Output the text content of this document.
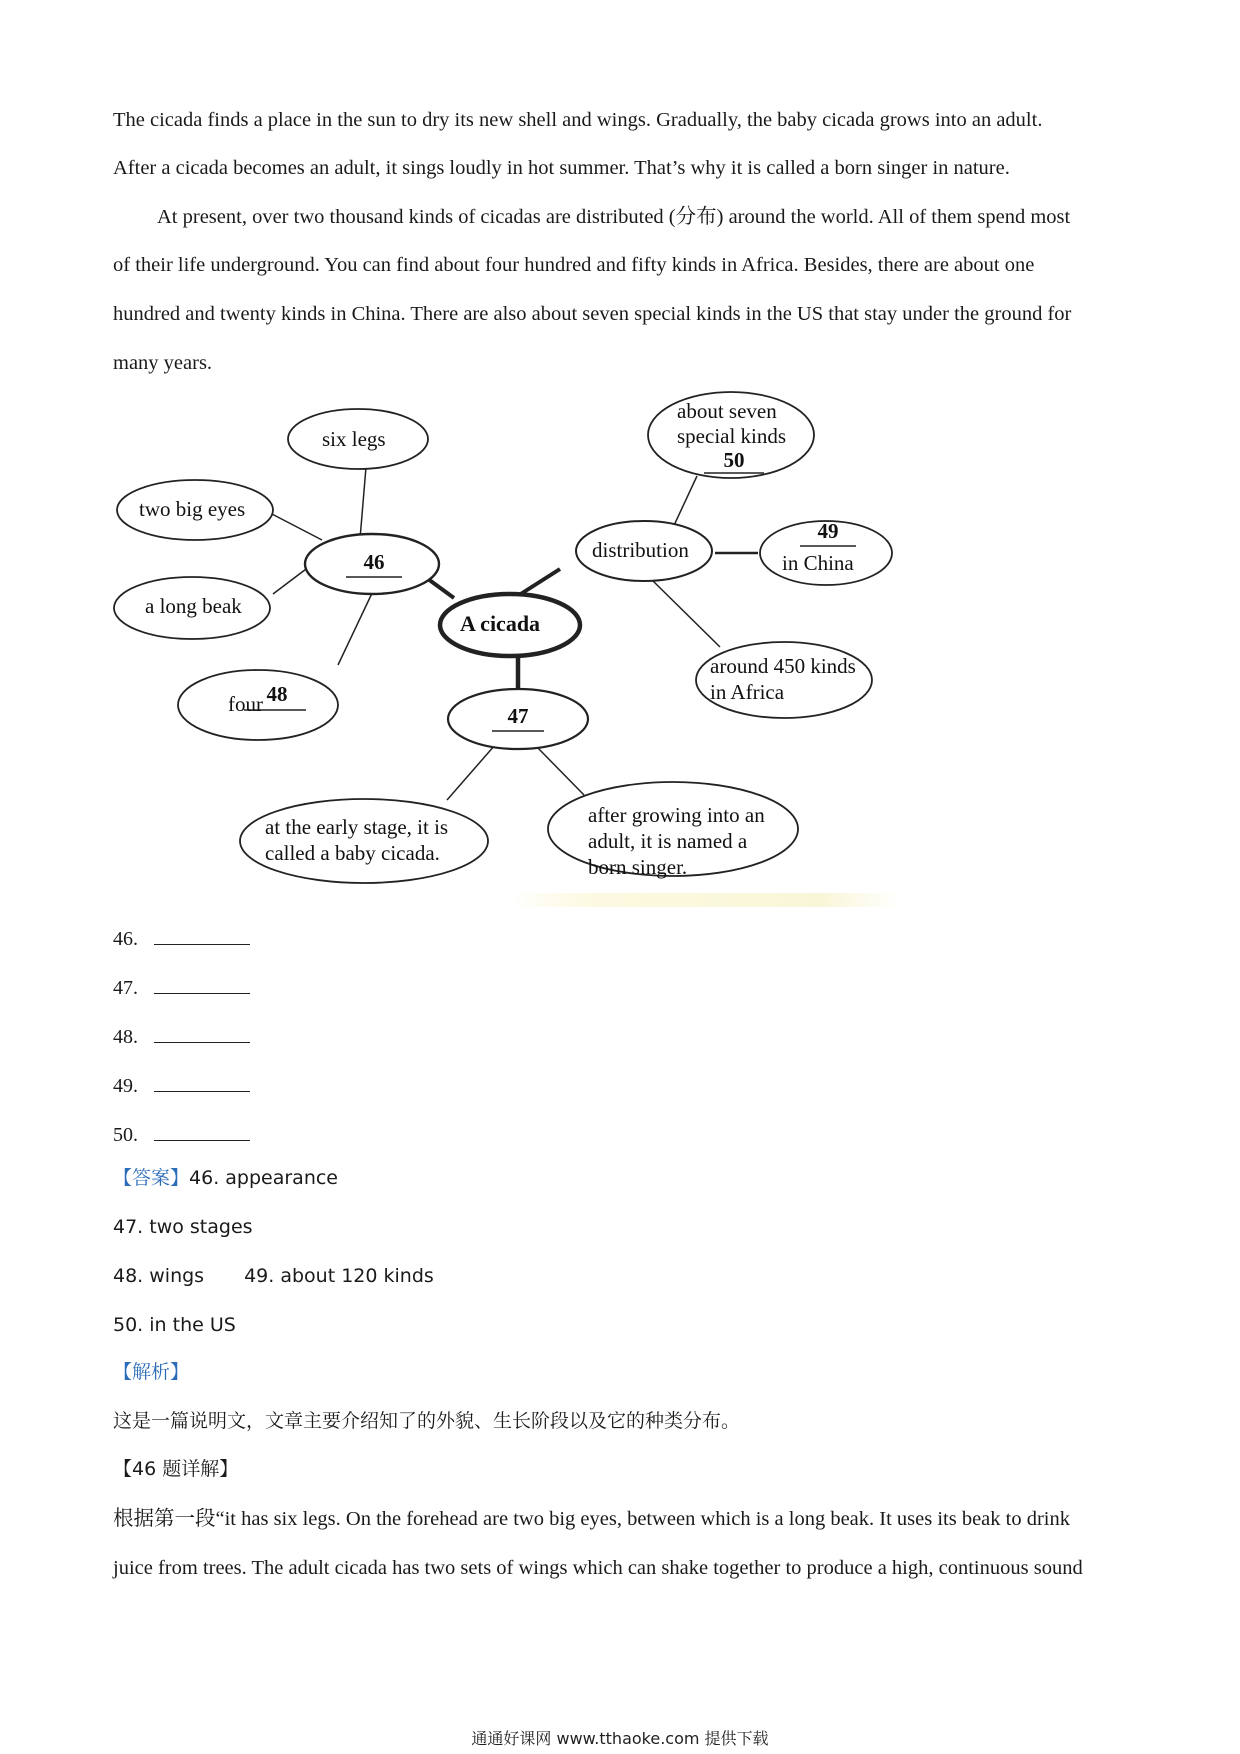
The cicada finds a place in the sun to dry its new shell and wings. Gradually, the baby cicada grows into an adult.
After a cicada becomes an adult, it sings loudly in hot summer. That’s why it is called a born singer in nature.
At present, over two thousand kinds of cicadas are distributed (分布) around the world. All of them spend most
of their life underground. You can find about four hundred and fifty kinds in Africa. Besides, there are about one
hundred and twenty kinds in China. There are also about seven special kinds in the US that stay under the ground for
many years.
six legs
two big eyes
a long beak
four 48
46
A cicada
distribution
about seven
special kinds
50
49
in China
around 450 kinds
in Africa
47
at the early stage, it is
called a baby cicada.
after growing into an
adult, it is named a
born singer.
46.
47.
48.
49.
50.
【答案】46. appearance
47. two stages
48. wings 49. about 120 kinds
50. in the US
【解析】
这是一篇说明文，文章主要介绍知了的外貌、生长阶段以及它的种类分布。
【46 题详解】
根据第一段“it has six legs. On the forehead are two big eyes, between which is a long beak. It uses its beak to drink
juice from trees. The adult cicada has two sets of wings which can shake together to produce a high, continuous sound
通通好课网 www.tthaoke.com 提供下载
